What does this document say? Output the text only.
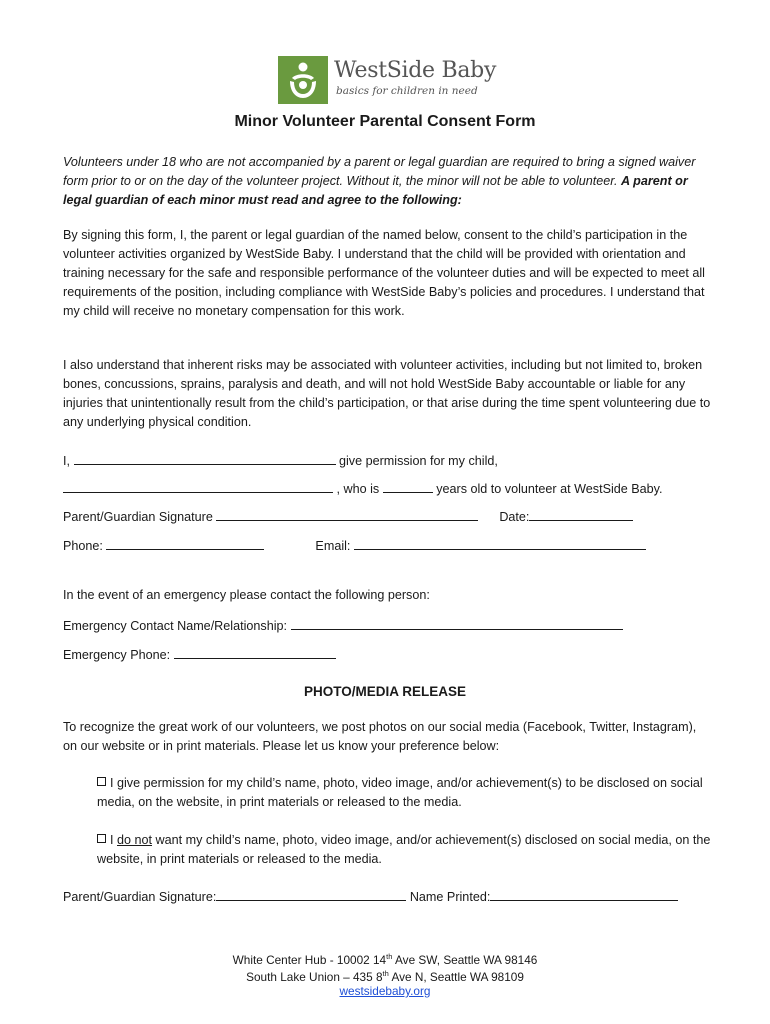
WestSide Baby
basics for children in need
Minor Volunteer Parental Consent Form

Volunteers under 18 who are not accompanied by a parent or legal guardian are required to bring a signed waiver form prior to or on the day of the volunteer project. Without it, the minor will not be able to volunteer. A parent or legal guardian of each minor must read and agree to the following:

By signing this form, I, the parent or legal guardian of the named below, consent to the child’s participation in the volunteer activities organized by WestSide Baby. I understand that the child will be provided with orientation and training necessary for the safe and responsible performance of the volunteer duties and will be expected to meet all requirements of the position, including compliance with WestSide Baby’s policies and procedures. I understand that my child will receive no monetary compensation for this work.

I also understand that inherent risks may be associated with volunteer activities, including but not limited to, broken bones, concussions, sprains, paralysis and death, and will not hold WestSide Baby accountable or liable for any injuries that unintentionally result from the child’s participation, or that arise during the time spent volunteering due to any underlying physical condition.

I,	give permission for my child,
, who is	years old to volunteer at WestSide Baby.
Parent/Guardian Signature	Date:
Phone:	Email:
In the event of an emergency please contact the following person:
Emergency Contact Name/Relationship:
Emergency Phone:
PHOTO/MEDIA RELEASE

To recognize the great work of our volunteers, we post photos on our social media (Facebook, Twitter, Instagram), on our website or in print materials. Please let us know your preference below:

I give permission for my child’s name, photo, video image, and/or achievement(s) to be disclosed on social media, on the website, in print materials or released to the media.
I do not want my child’s name, photo, video image, and/or achievement(s) disclosed on social media, on the website, in print materials or released to the media.
Parent/Guardian Signature:	Name Printed:
White Center Hub - 10002 14th Ave SW, Seattle WA 98146
South Lake Union – 435 8th Ave N, Seattle WA 98109
westsidebaby.org
